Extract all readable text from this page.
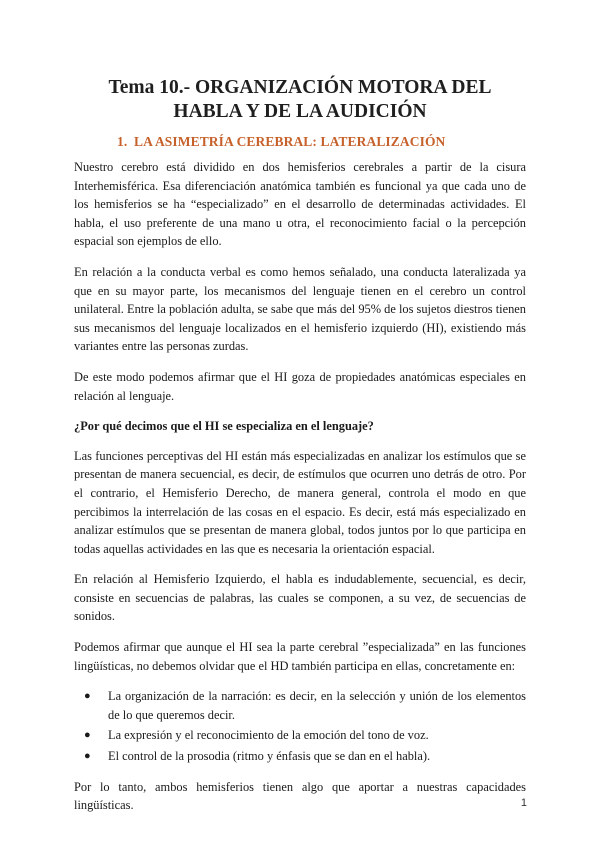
Tema 10.- ORGANIZACIÓN MOTORA DEL
HABLA Y DE LA AUDICIÓN
1. LA ASIMETRÍA CEREBRAL: LATERALIZACIÓN

Nuestro cerebro está dividido en dos hemisferios cerebrales a partir de la cisura Interhemisférica. Esa diferenciación anatómica también es funcional ya que cada uno de los hemisferios se ha “especializado” en el desarrollo de determinadas actividades. El habla, el uso preferente de una mano u otra, el reconocimiento facial o la percepción espacial son ejemplos de ello.

En relación a la conducta verbal es como hemos señalado, una conducta lateralizada ya que en su mayor parte, los mecanismos del lenguaje tienen en el cerebro un control unilateral. Entre la población adulta, se sabe que más del 95% de los sujetos diestros tienen sus mecanismos del lenguaje localizados en el hemisferio izquierdo (HI), existiendo más variantes entre las personas zurdas.

De este modo podemos afirmar que el HI goza de propiedades anatómicas especiales en relación al lenguaje.

¿Por qué decimos que el HI se especializa en el lenguaje?

Las funciones perceptivas del HI están más especializadas en analizar los estímulos que se presentan de manera secuencial, es decir, de estímulos que ocurren uno detrás de otro. Por el contrario, el Hemisferio Derecho, de manera general, controla el modo en que percibimos la interrelación de las cosas en el espacio. Es decir, está más especializado en analizar estímulos que se presentan de manera global, todos juntos por lo que participa en todas aquellas actividades en las que es necesaria la orientación espacial.

En relación al Hemisferio Izquierdo, el habla es indudablemente, secuencial, es decir, consiste en secuencias de palabras, las cuales se componen, a su vez, de secuencias de sonidos.

Podemos afirmar que aunque el HI sea la parte cerebral ”especializada” en las funciones lingüísticas, no debemos olvidar que el HD también participa en ellas, concretamente en:

● La organización de la narración: es decir, en la selección y unión de los elementos de lo que queremos decir.
● La expresión y el reconocimiento de la emoción del tono de voz.
● El control de la prosodia (ritmo y énfasis que se dan en el habla).

Por lo tanto, ambos hemisferios tienen algo que aportar a nuestras capacidades lingüísticas.	1
